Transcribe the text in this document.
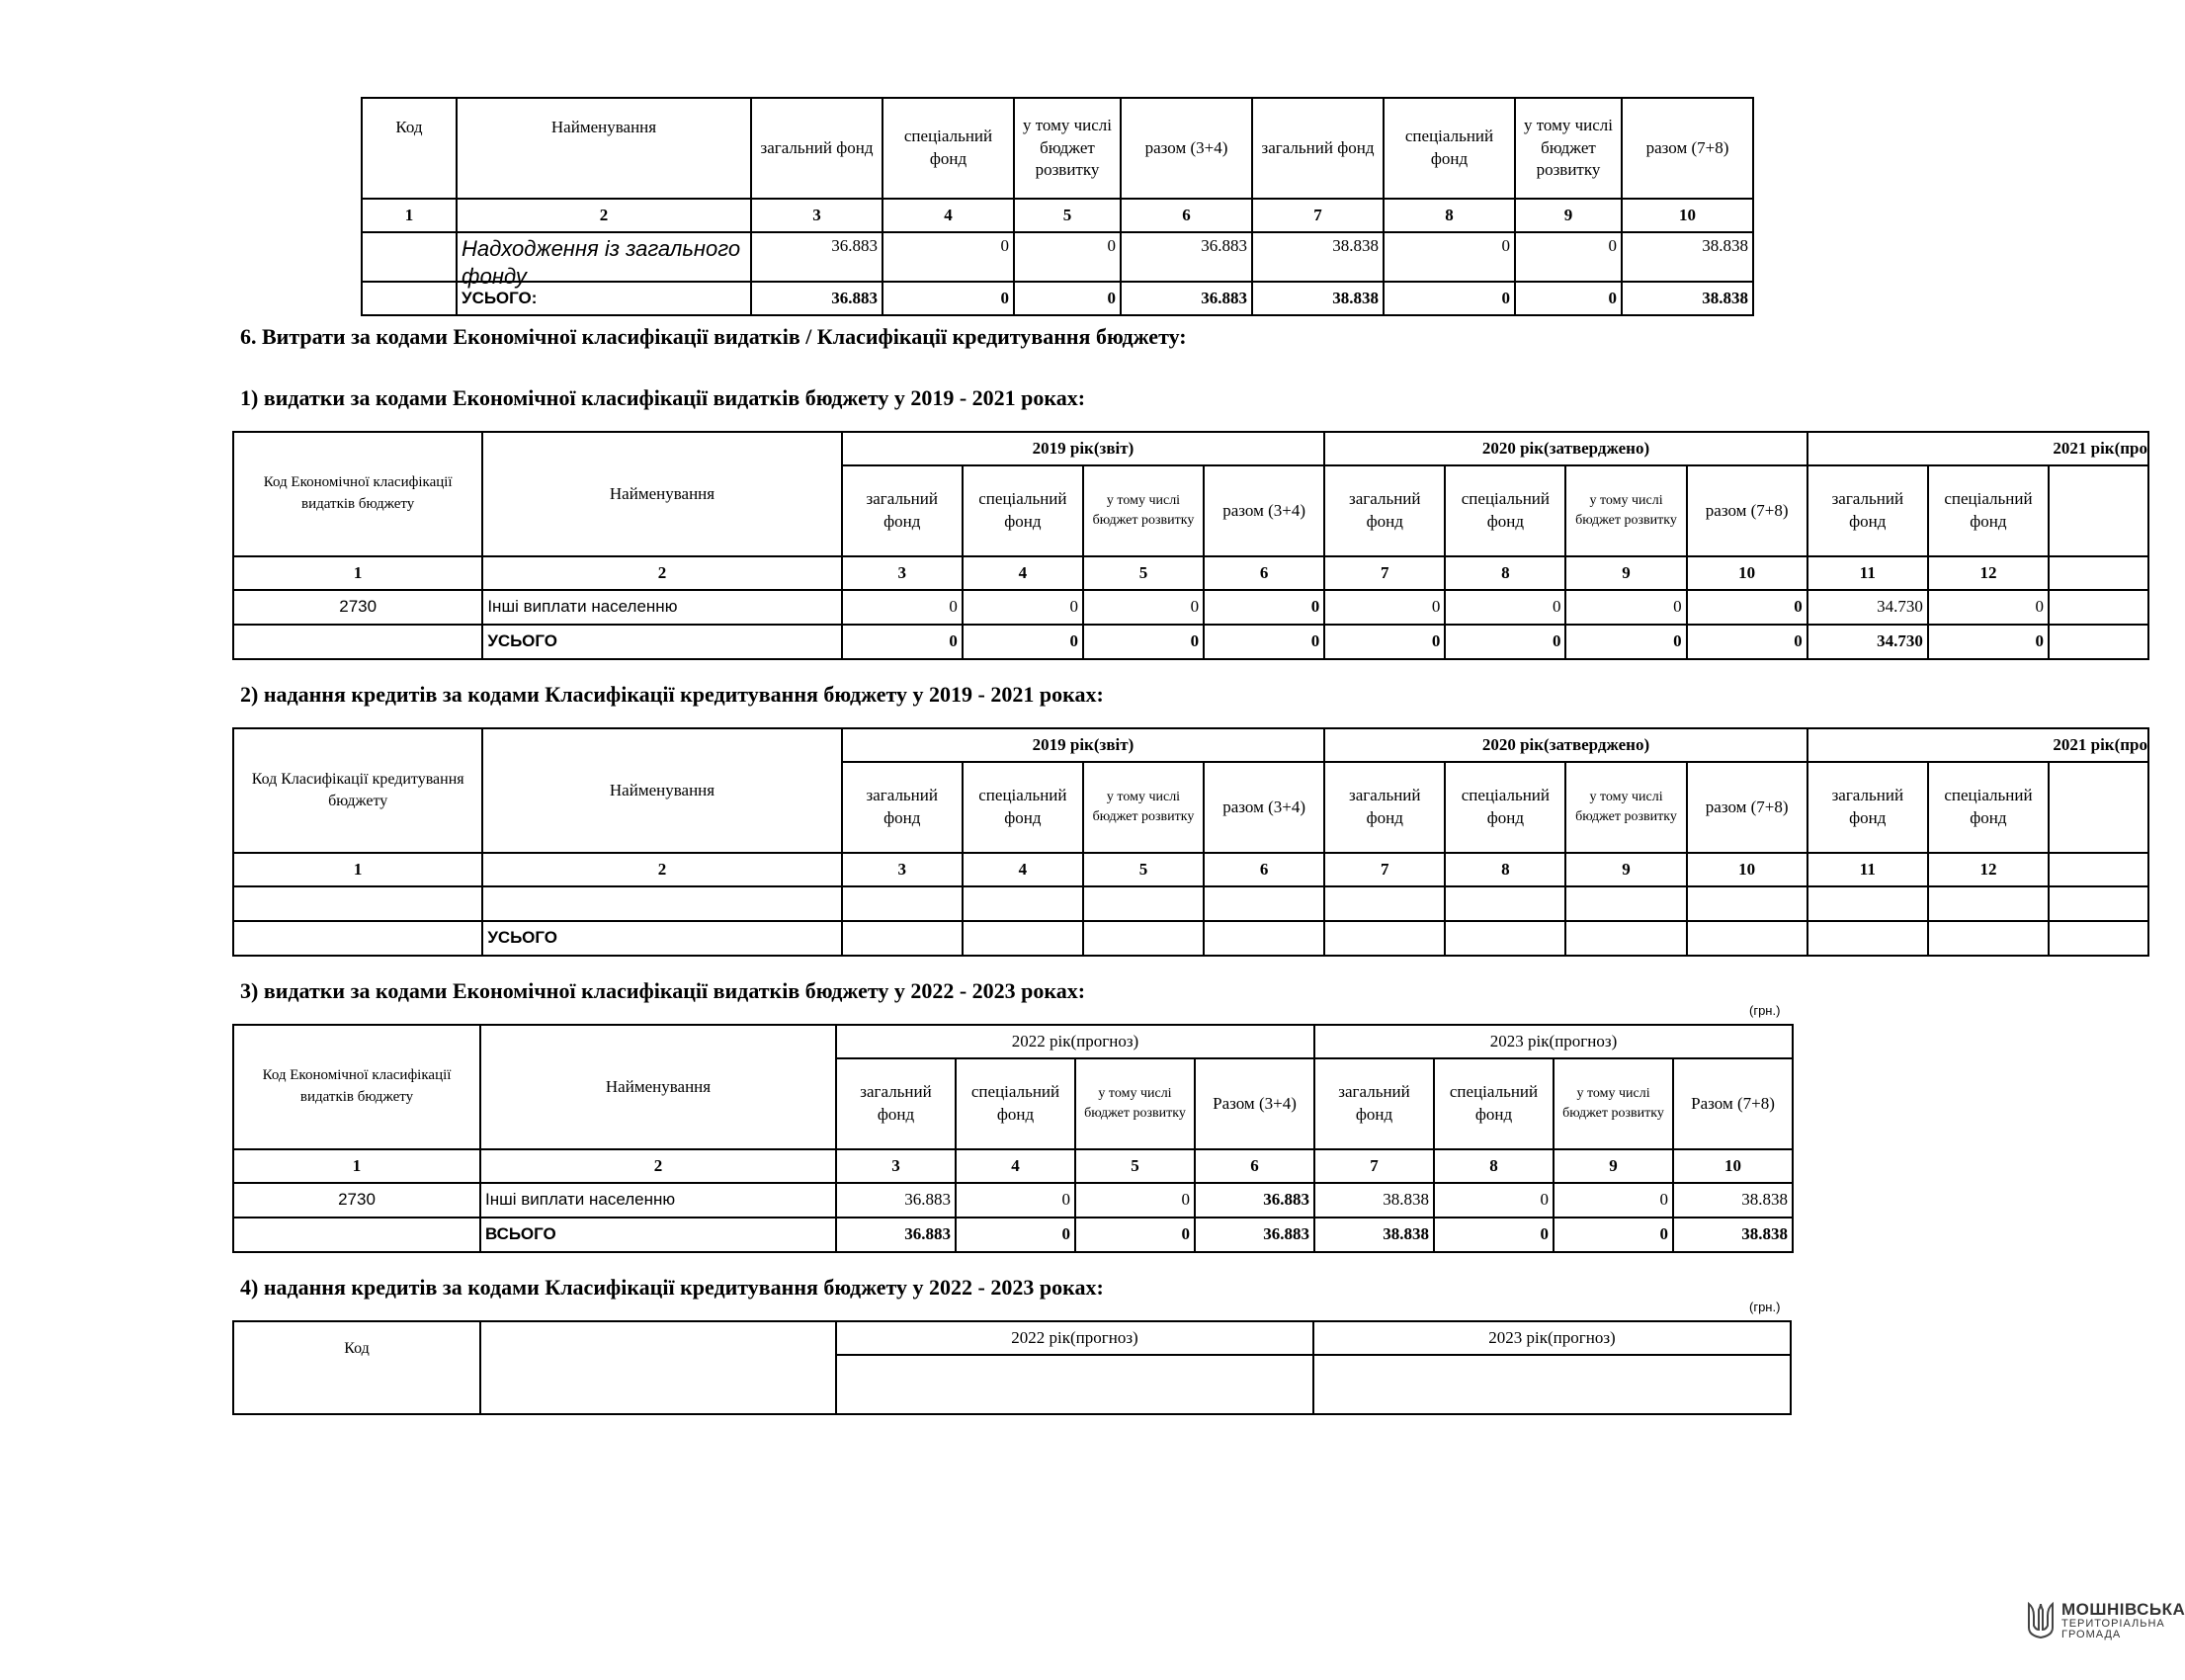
Код	Найменування	загальний фонд	спеціальний фонд	у тому числі бюджет розвитку	разом (3+4)	загальний фонд	спеціальний фонд	у тому числі бюджет розвитку	разом (7+8)
1	2	3	4	5	6	7	8	9	10

	Надходження із загального фонду	36.883	0	0	36.883	38.838	0	0	38.838
	УСЬОГО:	36.883	0	0	36.883	38.838	0	0	38.838
6. Витрати за кодами Економічної класифікації видатків / Класифікації кредитування бюджету:
1) видатки за кодами Економічної класифікації видатків бюджету у 2019 - 2021 роках:
Код Економічної класифікації видатків бюджету	Найменування	2019 рік(звіт)				2020 рік(затверджено)				2021 рік(про		
		загальний фонд	спеціальний фонд	у тому числі бюджет розвитку	разом (3+4)	загальний фонд	спеціальний фонд	у тому числі бюджет розвитку	разом (7+8)	загальний фонд	спеціальний фонд	
1	2	3	4	5	6	7	8	9	10	11	12	
2730	Інші виплати населенню	0	0	0	0	0	0	0	0	34.730	0	
	УСЬОГО	0	0	0	0	0	0	0	0	34.730	0	
2) надання кредитів за кодами Класифікації кредитування бюджету у 2019 - 2021 роках:
Код Класифікації кредитування бюджету	Найменування	2019 рік(звіт)				2020 рік(затверджено)				2021 рік(про		
		загальний фонд	спеціальний фонд	у тому числі бюджет розвитку	разом (3+4)	загальний фонд	спеціальний фонд	у тому числі бюджет розвитку	разом (7+8)	загальний фонд	спеціальний фонд	
1	2	3	4	5	6	7	8	9	10	11	12	

	УСЬОГО											
3) видатки за кодами Економічної класифікації видатків бюджету у 2022 - 2023 роках:
(грн.)
Код Економічної класифікації видатків бюджету	Найменування	2022 рік(прогноз)				2023 рік(прогноз)			
		загальний фонд	спеціальний фонд	у тому числі бюджет розвитку	Разом (3+4)	загальний фонд	спеціальний фонд	у тому числі бюджет розвитку	Разом (7+8)
1	2	3	4	5	6	7	8	9	10
2730	Інші виплати населенню	36.883	0	0	36.883	38.838	0	0	38.838
	ВСЬОГО	36.883	0	0	36.883	38.838	0	0	38.838
4) надання кредитів за кодами Класифікації кредитування бюджету у 2022 - 2023 роках:
(грн.)
Код		2022 рік(прогноз)	2023 рік(прогноз)

МОШНІВСЬКА
ТЕРИТОРІАЛЬНА
ГРОМАДА
